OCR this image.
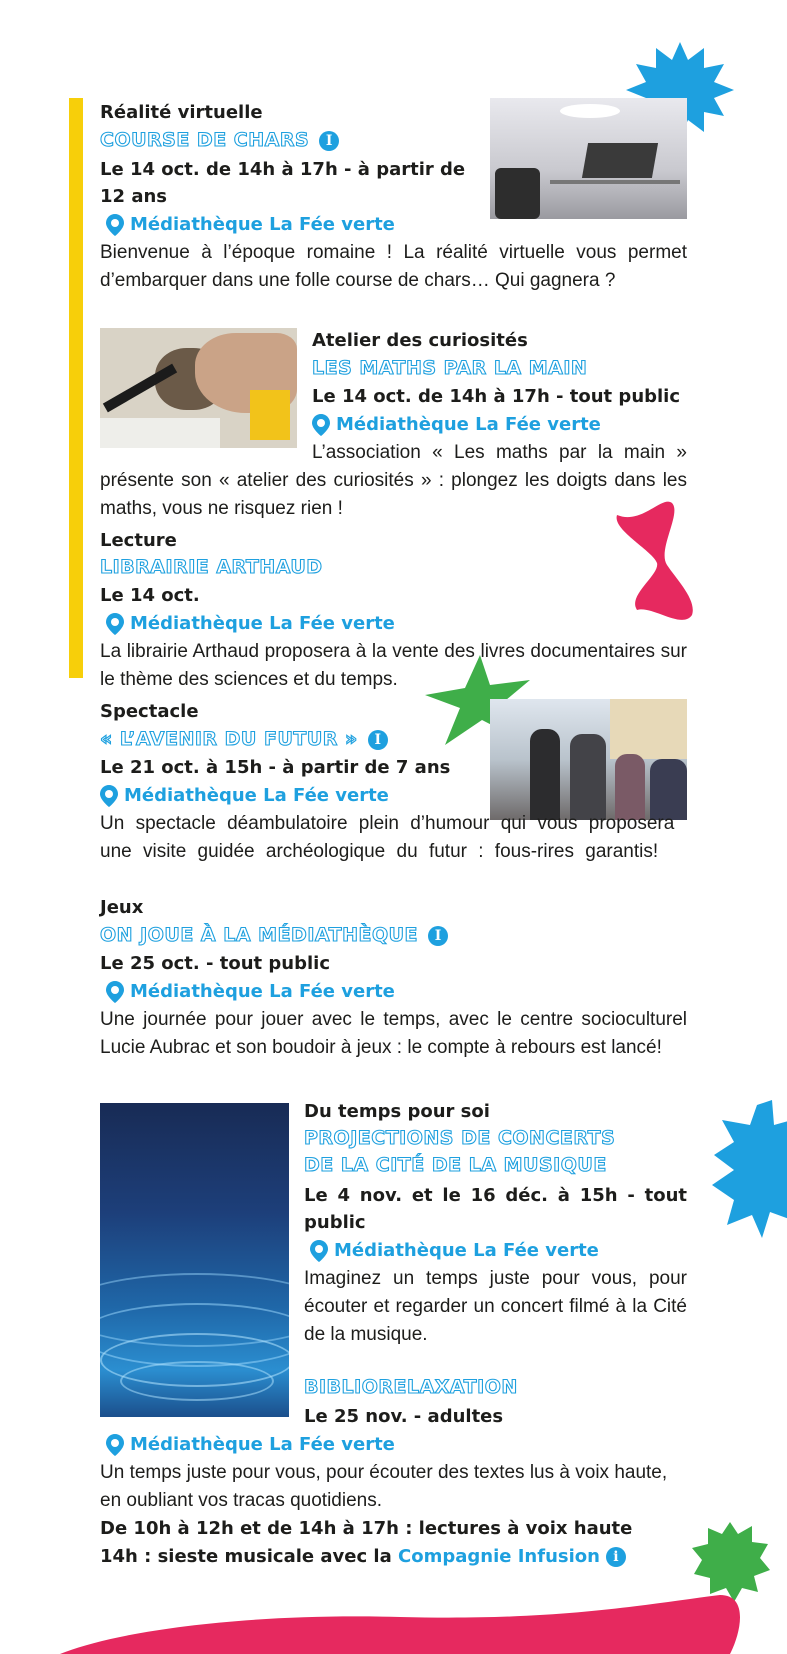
Réalité virtuelle
COURSE DE CHARS I
Le 14 oct. de 14h à 17h - à partir de 12 ans
Médiathèque La Fée verte
Bienvenue à l’époque romaine ! La réalité virtuelle vous permet d’embarquer dans une folle course de chars… Qui gagnera ?
Atelier des curiosités
LES MATHS PAR LA MAIN
Le 14 oct. de 14h à 17h - tout public
Médiathèque La Fée verte
L’association « Les maths par la main » présente son « atelier des curiosités » : plongez les doigts dans les maths, vous ne risquez rien !
Lecture
LIBRAIRIE ARTHAUD
Le 14 oct.
Médiathèque La Fée verte
La librairie Arthaud proposera à la vente des livres documentaires sur le thème des sciences et du temps.
Spectacle
« L’AVENIR DU FUTUR » I
Le 21 oct. à 15h - à partir de 7 ans
Médiathèque La Fée verte
Un spectacle déambulatoire plein d’humour qui vous proposera une visite guidée archéologique du futur : fous-rires garantis!
Jeux
ON JOUE À LA MÉDIATHÈQUE I
Le 25 oct. - tout public
Médiathèque La Fée verte
Une journée pour jouer avec le temps, avec le centre socioculturel Lucie Aubrac et son boudoir à jeux : le compte à rebours est lancé!
Du temps pour soi
PROJECTIONS DE CONCERTS
DE LA CITÉ DE LA MUSIQUE
Le 4 nov. et le 16 déc. à 15h - tout public
Médiathèque La Fée verte
Imaginez un temps juste pour vous, pour écouter et regarder un concert filmé à la Cité de la musique.
BIBLIORELAXATION
Le 25 nov. - adultes
Médiathèque La Fée verte
Un temps juste pour vous, pour écouter des textes lus à voix haute, en oubliant vos tracas quotidiens.
De 10h à 12h et de 14h à 17h : lectures à voix haute
14h : sieste musicale avec la Compagnie Infusion i
